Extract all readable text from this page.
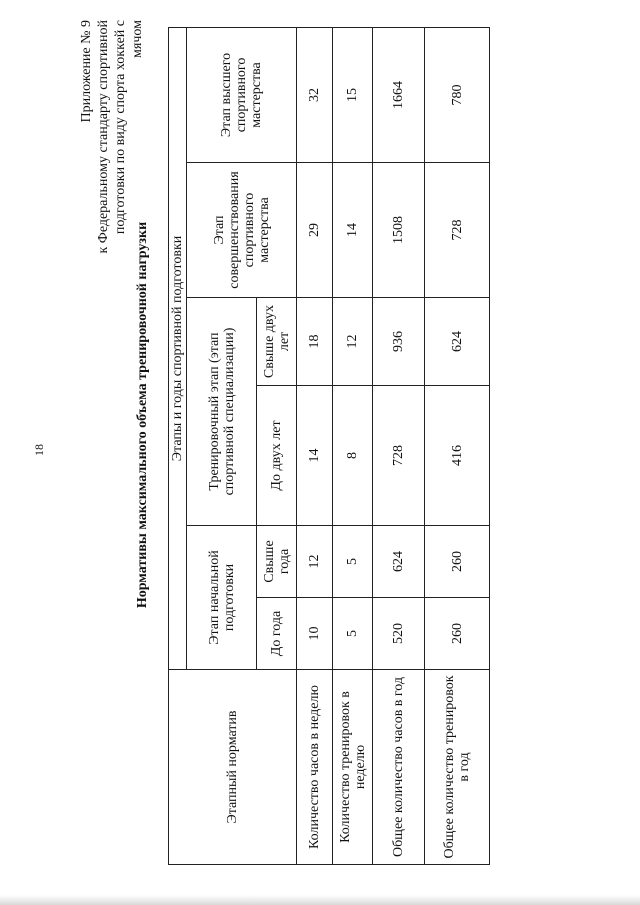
18
Приложение № 9 к Федеральному стандарту спортивной подготовки по виду спорта хоккей с мячом
Нормативы максимального объема тренировочной нагрузки
Этапный норматив	Этапы и годы спортивной подготовки					
	Этап начальной подготовки		Тренировочный этап (этап спортивной специализации)		Этап совершенствования спортивного мастерства	Этап высшего спортивного мастерства
	До года	Свыше года	До двух лет	Свыше двух лет		
Количество часов в неделю	10	12	14	18	29	32
Количество тренировок в неделю	5	5	8	12	14	15
Общее количество часов в год	520	624	728	936	1508	1664
Общее количество тренировок в год	260	260	416	624	728	780
